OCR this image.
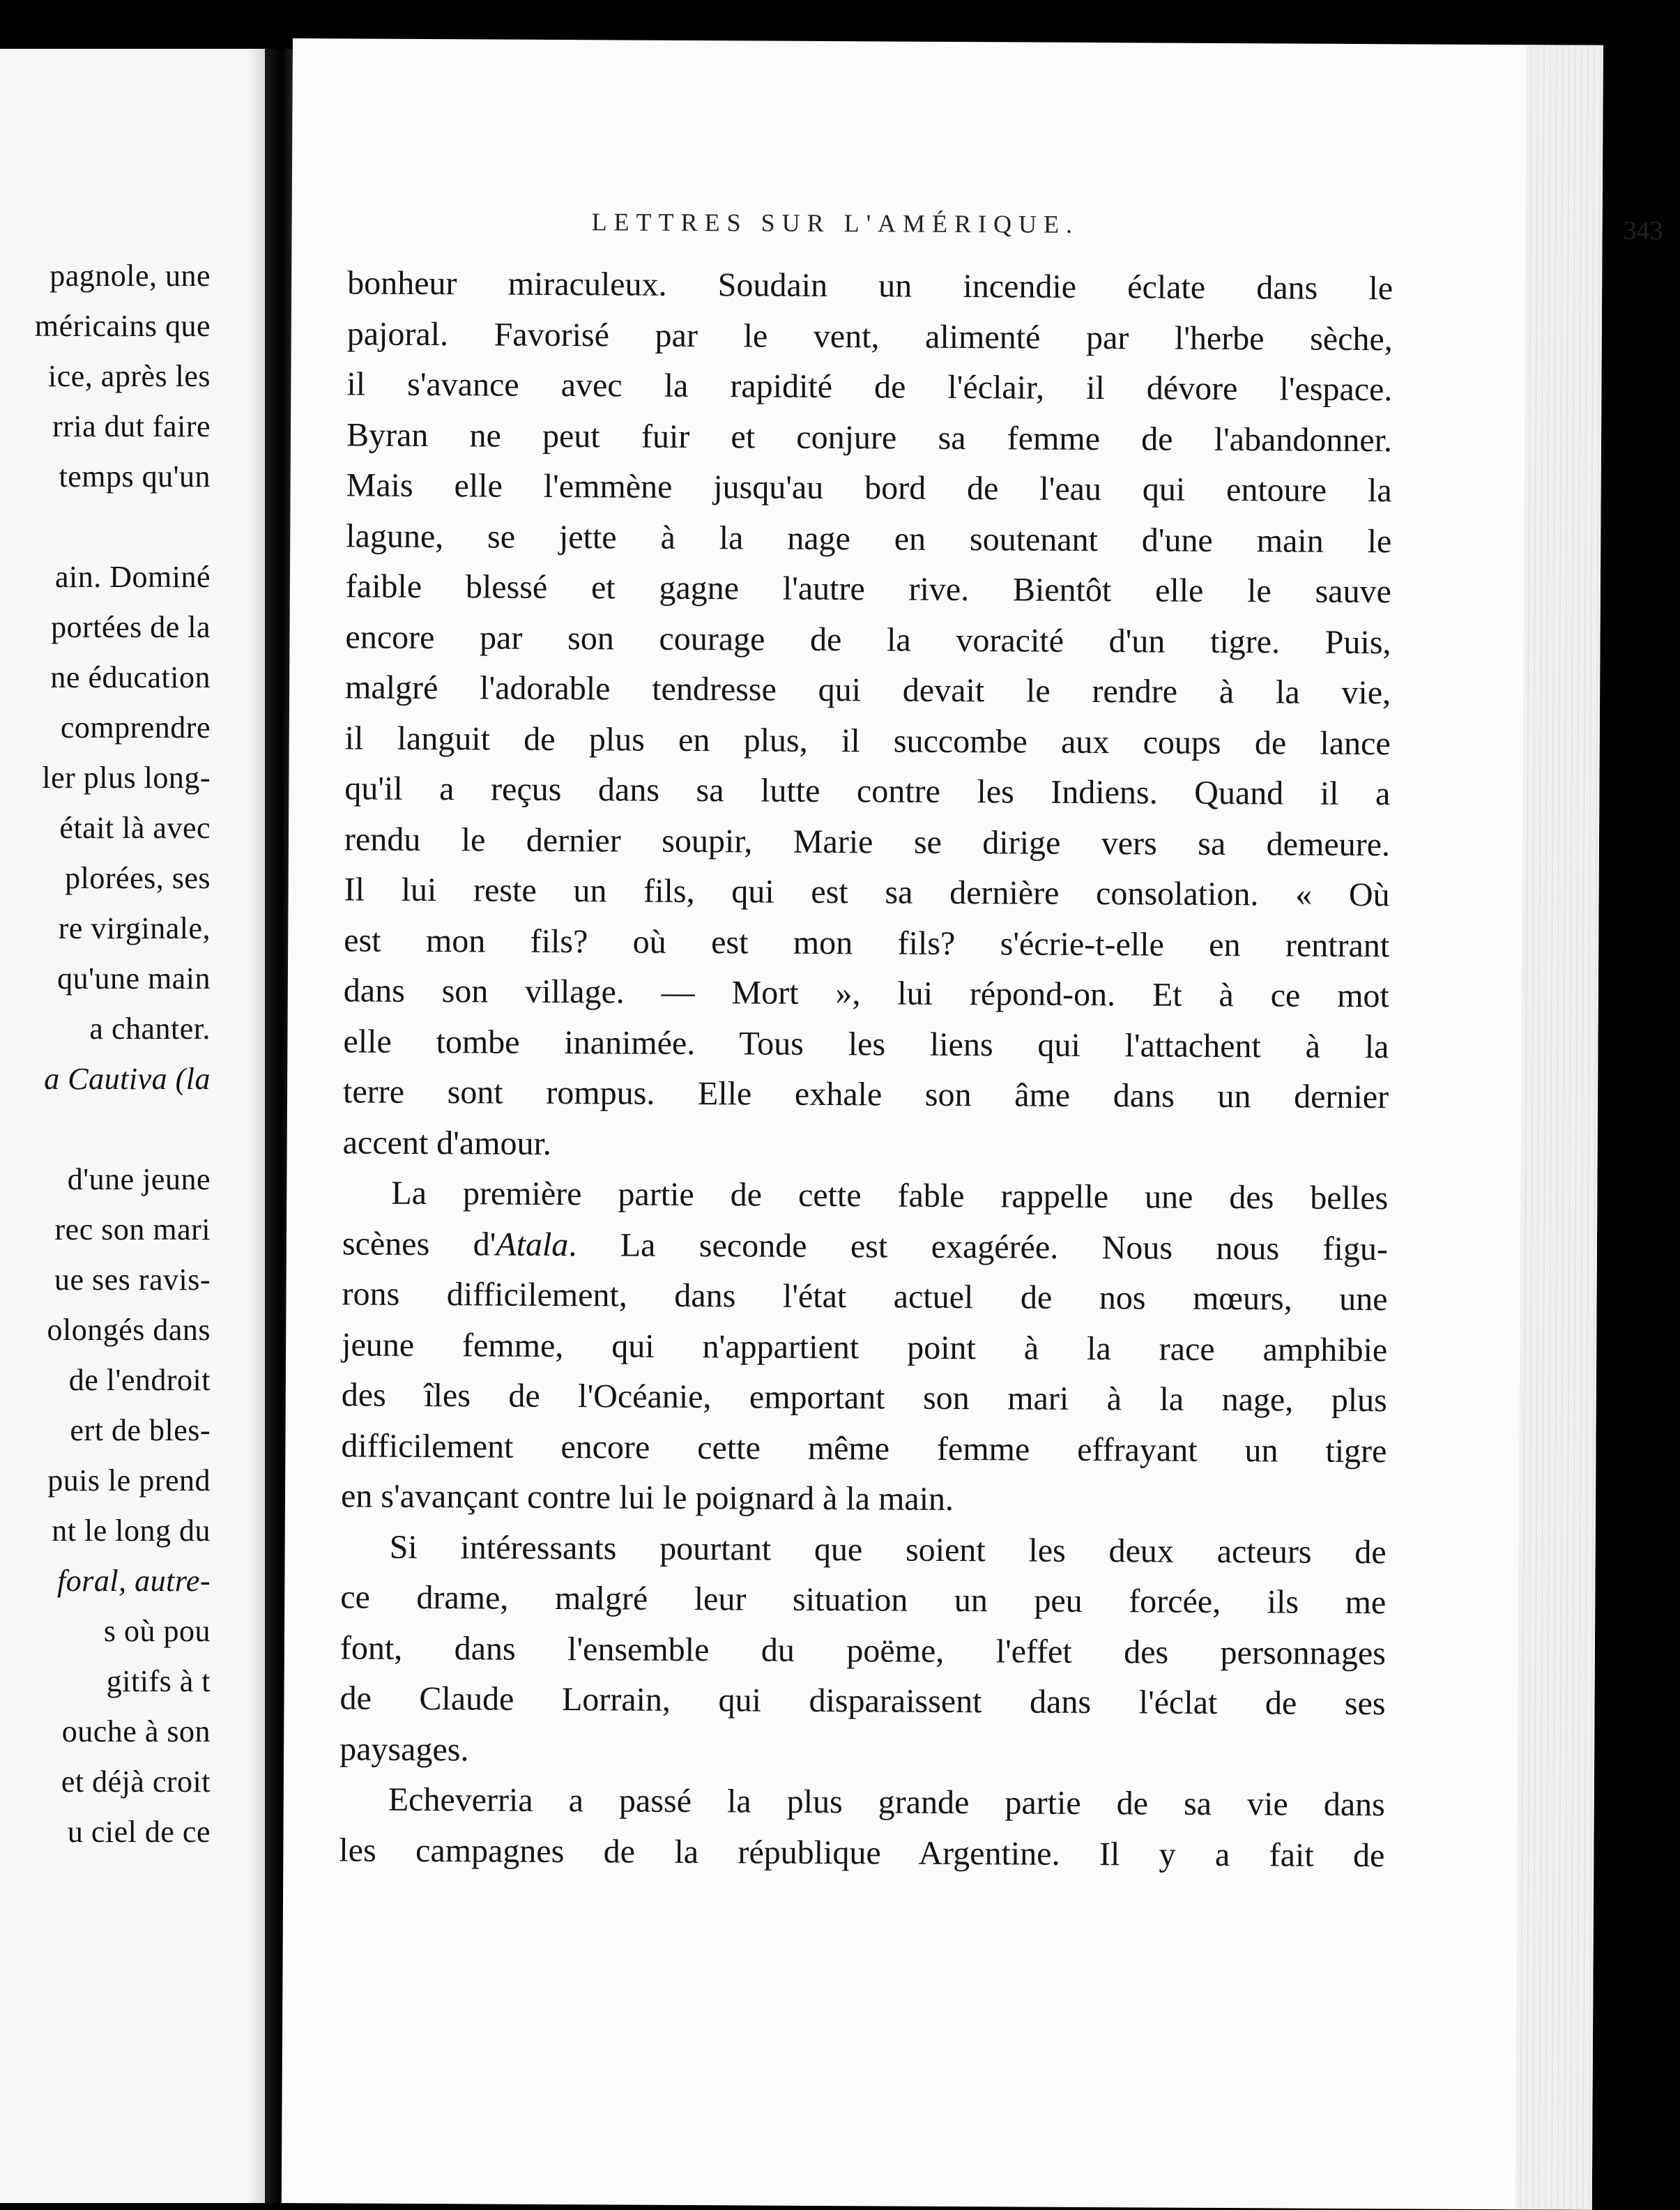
pagnole, une
méricains que
ice, après les
rria dut faire
temps qu'un
ain. Dominé
portées de la
ne éducation
comprendre
ler plus long-
était là avec
plorées, ses
re virginale,
qu'une main
a chanter.
a Cautiva (la
d'une jeune
rec son mari
ue ses ravis-
olongés dans
de l'endroit
ert de bles-
puis le prend
nt le long du
foral, autre-
s où pou
gitifs à t
ouche à son
et déjà croit
u ciel de ce
LETTRES SUR L'AMÉRIQUE.	343
bonheur miraculeux. Soudain un incendie éclate dans le
pajoral. Favorisé par le vent, alimenté par l'herbe sèche,
il s'avance avec la rapidité de l'éclair, il dévore l'espace.
Byran ne peut fuir et conjure sa femme de l'abandonner.
Mais elle l'emmène jusqu'au bord de l'eau qui entoure la
lagune, se jette à la nage en soutenant d'une main le
faible blessé et gagne l'autre rive. Bientôt elle le sauve
encore par son courage de la voracité d'un tigre. Puis,
malgré l'adorable tendresse qui devait le rendre à la vie,
il languit de plus en plus, il succombe aux coups de lance
qu'il a reçus dans sa lutte contre les Indiens. Quand il a
rendu le dernier soupir, Marie se dirige vers sa demeure.
Il lui reste un fils, qui est sa dernière consolation. « Où
est mon fils? où est mon fils? s'écrie-t-elle en rentrant
dans son village. — Mort », lui répond-on. Et à ce mot
elle tombe inanimée. Tous les liens qui l'attachent à la
terre sont rompus. Elle exhale son âme dans un dernier
accent d'amour.
La première partie de cette fable rappelle une des belles
scènes d'Atala. La seconde est exagérée. Nous nous figu-
rons difficilement, dans l'état actuel de nos mœurs, une
jeune femme, qui n'appartient point à la race amphibie
des îles de l'Océanie, emportant son mari à la nage, plus
difficilement encore cette même femme effrayant un tigre
en s'avançant contre lui le poignard à la main.
Si intéressants pourtant que soient les deux acteurs de
ce drame, malgré leur situation un peu forcée, ils me
font, dans l'ensemble du poëme, l'effet des personnages
de Claude Lorrain, qui disparaissent dans l'éclat de ses
paysages.
Echeverria a passé la plus grande partie de sa vie dans
les campagnes de la république Argentine. Il y a fait de
